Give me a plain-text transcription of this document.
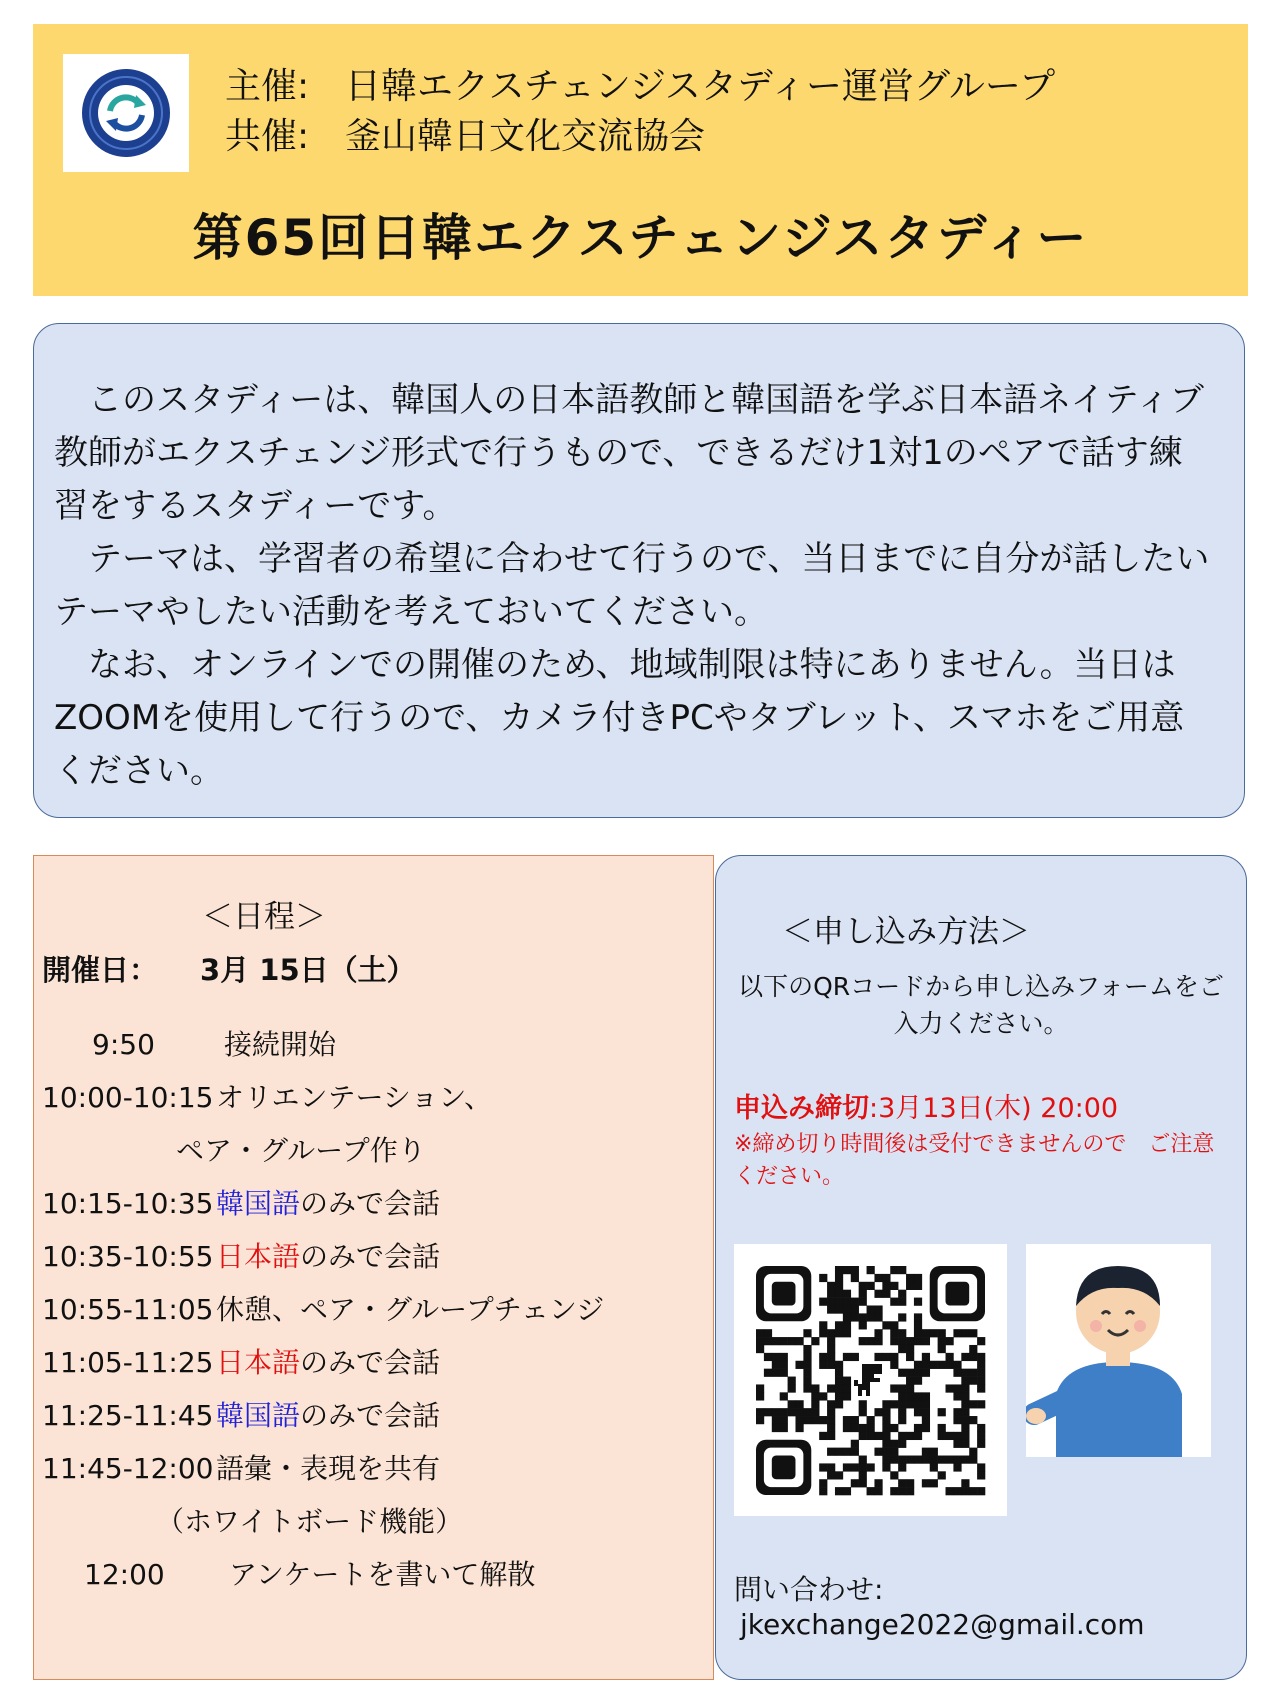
主催: 日韓エクスチェンジスタディー運営グループ
共催: 釜山韓日文化交流協会
第65回日韓エクスチェンジスタディー

このスタディーは、韓国人の日本語教師と韓国語を学ぶ日本語ネイティブ教師がエクスチェンジ形式で行うもので、できるだけ1対1のペアで話す練習をするスタディーです。

テーマは、学習者の希望に合わせて行うので、当日までに自分が話したいテーマやしたい活動を考えておいてください。

なお、オンラインでの開催のため、地域制限は特にありません。当日はZOOMを使用して行うので、カメラ付きPCやタブレット、スマホをご用意ください。

＜日程＞
開催日： 3月 15日（土）
9:50 接続開始
10:00-10:15オリエンテーション、
ペア・グループ作り
10:15-10:35韓国語のみで会話
10:35-10:55日本語のみで会話
10:55-11:05休憩、ペア・グループチェンジ
11:05-11:25日本語のみで会話
11:25-11:45韓国語のみで会話
11:45-12:00語彙・表現を共有
（ホワイトボード機能）
12:00 アンケートを書いて解散
＜申し込み方法＞
以下のQRコードから申し込みフォームをご入力ください。
申込み締切:3月13日(木) 20:00
※締め切り時間後は受付できませんので　ご注意ください。
問い合わせ:
jkexchange2022@gmail.com
